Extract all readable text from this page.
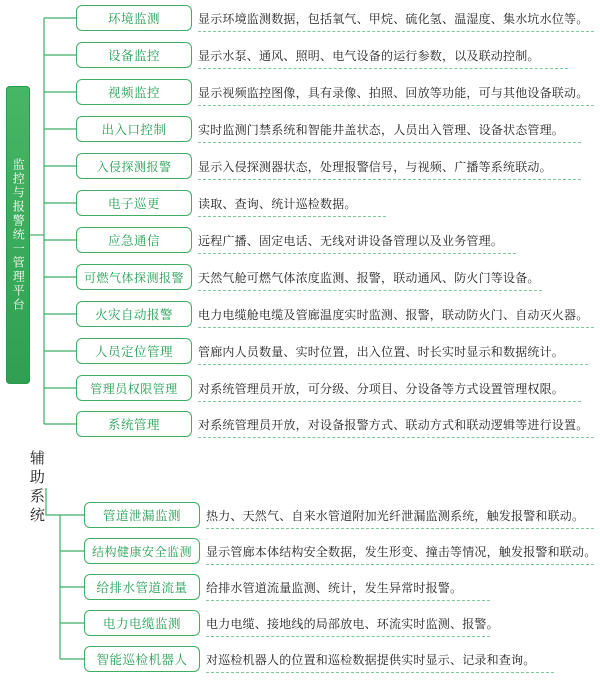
监控与报警统一管理平台
辅助系统
环境监测	显示环境监测数据，包括氧气、甲烷、硫化氢、温湿度、集水坑水位等。
设备监控	显示水泵、通风、照明、电气设备的运行参数，以及联动控制。
视频监控	显示视频监控图像，具有录像、拍照、回放等功能，可与其他设备联动。
出入口控制	实时监测门禁系统和智能井盖状态，人员出入管理、设备状态管理。
入侵探测报警	显示入侵探测器状态，处理报警信号，与视频、广播等系统联动。
电子巡更	读取、查询、统计巡检数据。
应急通信	远程广播、固定电话、无线对讲设备管理以及业务管理。
可燃气体探测报警	天然气舱可燃气体浓度监测、报警，联动通风、防火门等设备。
火灾自动报警	电力电缆舱电缆及管廊温度实时监测、报警，联动防火门、自动灭火器。
人员定位管理	管廊内人员数量、实时位置，出入位置、时长实时显示和数据统计。
管理员权限管理	对系统管理员开放，可分级、分项目、分设备等方式设置管理权限。
系统管理	对系统管理员开放，对设备报警方式、联动方式和联动逻辑等进行设置。
管道泄漏监测	热力、天然气、自来水管道附加光纤泄漏监测系统，触发报警和联动。
结构健康安全监测	显示管廊本体结构安全数据，发生形变、撞击等情况，触发报警和联动。
给排水管道流量	给排水管道流量监测、统计，发生异常时报警。
电力电缆监测	电力电缆、接地线的局部放电、环流实时监测、报警。
智能巡检机器人	对巡检机器人的位置和巡检数据提供实时显示、记录和查询。
